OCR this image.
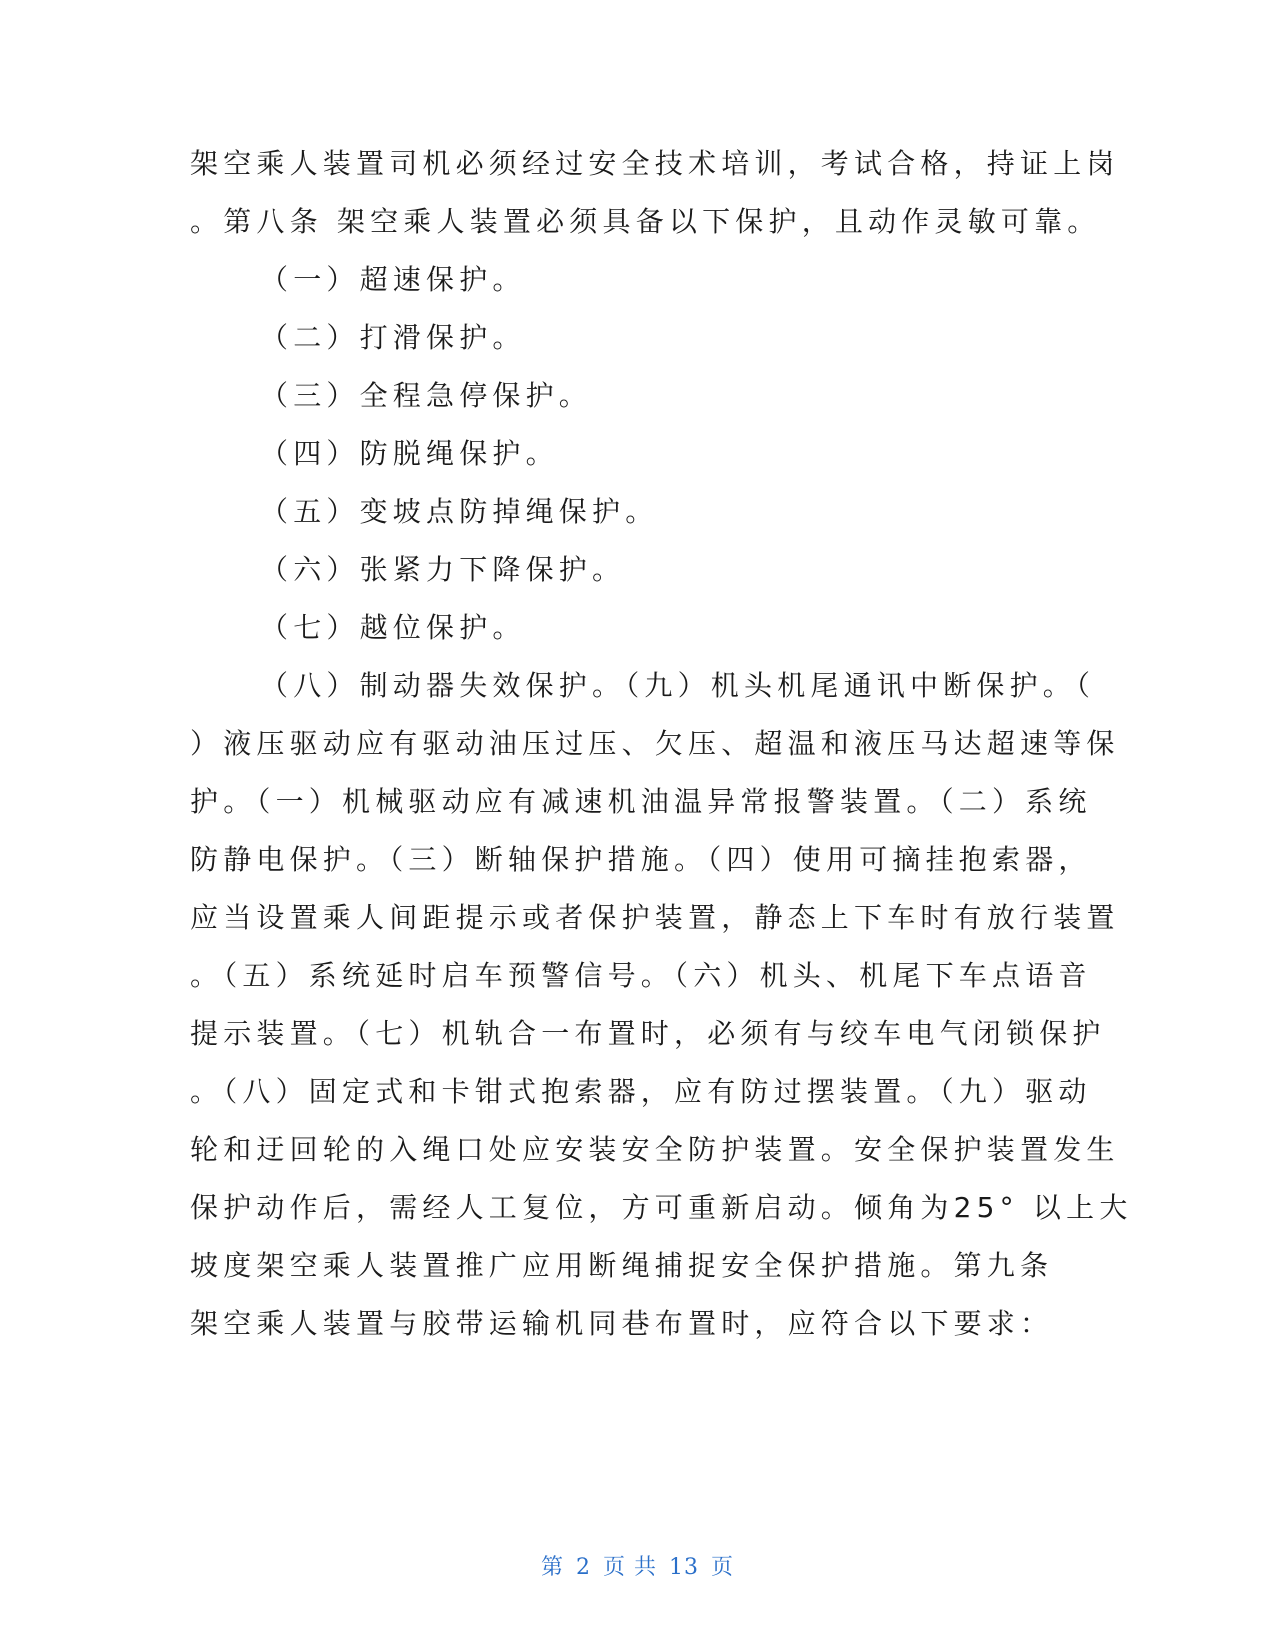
架空乘人装置司机必须经过安全技术培训，考试合格，持证上岗
。第八条 架空乘人装置必须具备以下保护，且动作灵敏可靠。
（一）超速保护。
（二）打滑保护。
（三）全程急停保护。
（四）防脱绳保护。
（五）变坡点防掉绳保护。
（六）张紧力下降保护。
（七）越位保护。
（八）制动器失效保护。（九）机头机尾通讯中断保护。（
）液压驱动应有驱动油压过压、欠压、超温和液压马达超速等保
护。（一）机械驱动应有减速机油温异常报警装置。（二）系统
防静电保护。（三）断轴保护措施。（四）使用可摘挂抱索器，
应当设置乘人间距提示或者保护装置，静态上下车时有放行装置
。（五）系统延时启车预警信号。（六）机头、机尾下车点语音
提示装置。（七）机轨合一布置时，必须有与绞车电气闭锁保护
。（八）固定式和卡钳式抱索器，应有防过摆装置。（九）驱动
轮和迂回轮的入绳口处应安装安全防护装置。安全保护装置发生
保护动作后，需经人工复位，方可重新启动。倾角为25° 以上大
坡度架空乘人装置推广应用断绳捕捉安全保护措施。第九条
架空乘人装置与胶带运输机同巷布置时，应符合以下要求：
第 2 页 共 13 页
